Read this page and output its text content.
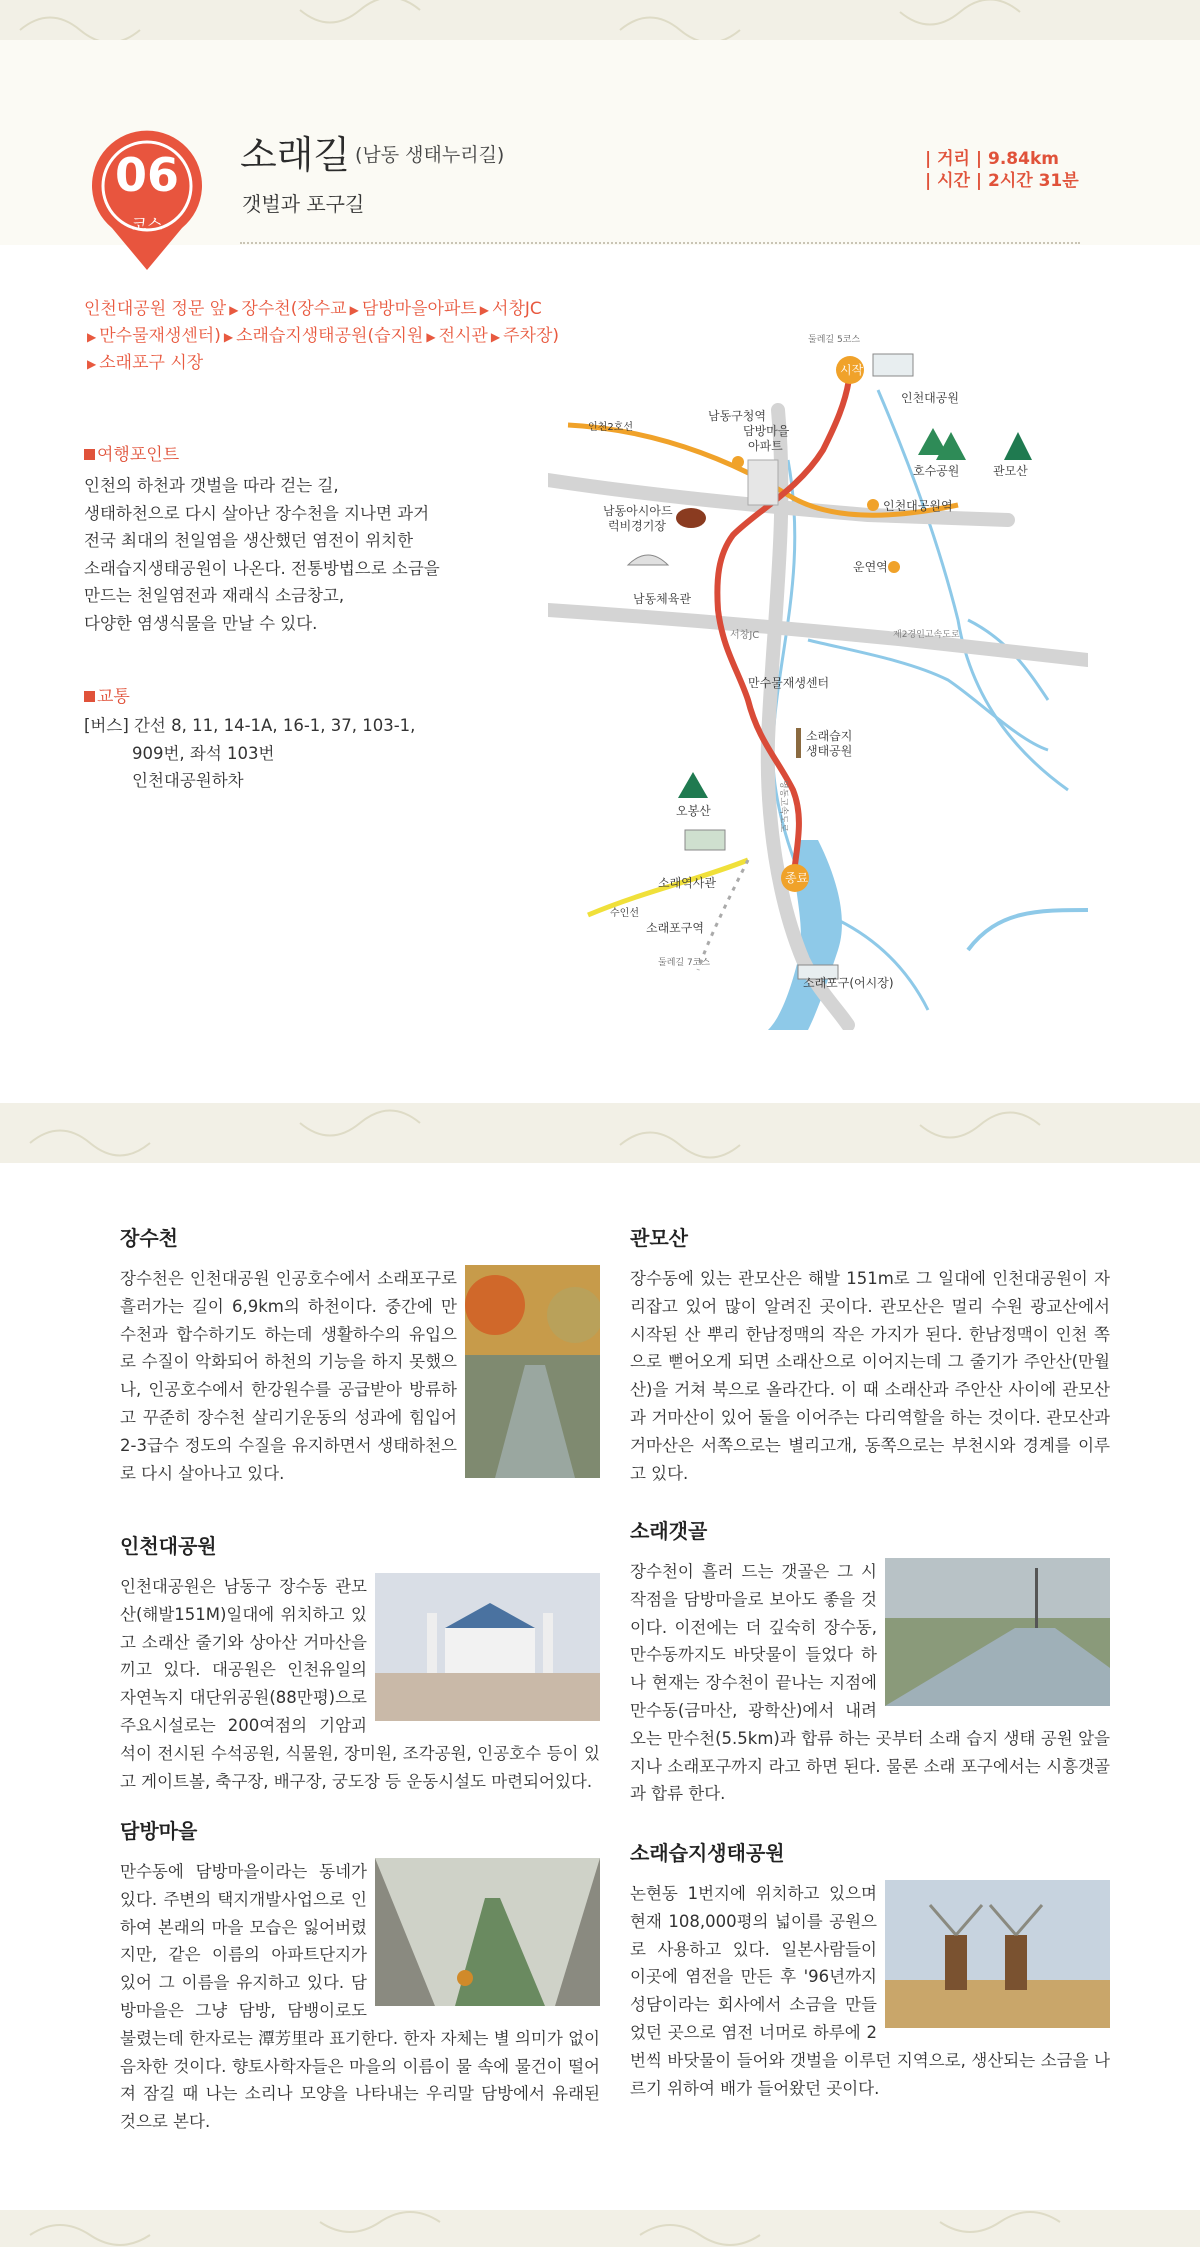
06
코스
소래길 (남동 생태누리길)
갯벌과 포구길
| 거리 | 9.84km
| 시간 | 2시간 31분
인천대공원 정문 앞 ▶ 장수천(장수교 ▶ 담방마을아파트 ▶ 서창JC
▶ 만수물재생센터) ▶ 소래습지생태공원(습지원 ▶ 전시관 ▶ 주차장)
▶ 소래포구 시장
여행포인트
인천의 하천과 갯벌을 따라 걷는 길,
생태하천으로 다시 살아난 장수천을 지나면 과거
전국 최대의 천일염을 생산했던 염전이 위치한
소래습지생태공원이 나온다. 전통방법으로 소금을
만드는 천일염전과 재래식 소금창고,
다양한 염생식물을 만날 수 있다.
교통
[버스] 간선 8, 11, 14-1A, 16-1, 37, 103-1,
909번, 좌석 103번
인천대공원하차
시작
종료
둘레길 5코스
둘레길 7코스
인천대공원
호수공원	관모산
인천대공원역
운연역
남동구청역
인천2호선	담방마을
아파트
남동아시아드
럭비경기장
남동체육관
서창JC	제2경인고속도로
만수물재생센터
소래습지
생태공원
오봉산
소래역사관
소래포구역
수인선
소래포구(어시장)
영동고속도로
장수천

장수천은 인천대공원 인공호수에서 소래포구로 흘러가는 길이 6,9km의 하천이다. 중간에 만수천과 합수하기도 하는데 생활하수의 유입으로 수질이 악화되어 하천의 기능을 하지 못했으나, 인공호수에서 한강원수를 공급받아 방류하고 꾸준히 장수천 살리기운동의 성과에 힘입어 2-3급수 정도의 수질을 유지하면서 생태하천으로 다시 살아나고 있다.

인천대공원

인천대공원은 남동구 장수동 관모산(해발151M)일대에 위치하고 있고 소래산 줄기와 상아산 거마산을 끼고 있다. 대공원은 인천유일의 자연녹지 대단위공원(88만평)으로 주요시설로는 200여점의 기암괴석이 전시된 수석공원, 식물원, 장미원, 조각공원, 인공호수 등이 있고 게이트볼, 축구장, 배구장, 궁도장 등 운동시설도 마련되어있다.

담방마을

만수동에 담방마을이라는 동네가 있다. 주변의 택지개발사업으로 인하여 본래의 마을 모습은 잃어버렸지만, 같은 이름의 아파트단지가 있어 그 이름을 유지하고 있다. 담방마을은 그냥 담방, 담뱅이로도 불렸는데 한자로는 潭芳里라 표기한다. 한자 자체는 별 의미가 없이 음차한 것이다. 향토사학자들은 마을의 이름이 물 속에 물건이 떨어져 잠길 때 나는 소리나 모양을 나타내는 우리말 담방에서 유래된 것으로 본다.

관모산

장수동에 있는 관모산은 해발 151m로 그 일대에 인천대공원이 자리잡고 있어 많이 알려진 곳이다. 관모산은 멀리 수원 광교산에서 시작된 산 뿌리 한남정맥의 작은 가지가 된다. 한남정맥이 인천 쪽으로 뻗어오게 되면 소래산으로 이어지는데 그 줄기가 주안산(만월산)을 거쳐 북으로 올라간다. 이 때 소래산과 주안산 사이에 관모산과 거마산이 있어 둘을 이어주는 다리역할을 하는 것이다. 관모산과 거마산은 서쪽으로는 별리고개, 동쪽으로는 부천시와 경계를 이루고 있다.

소래갯골

장수천이 흘러 드는 갯골은 그 시작점을 담방마을로 보아도 좋을 것이다. 이전에는 더 깊숙히 장수동, 만수동까지도 바닷물이 들었다 하나 현재는 장수천이 끝나는 지점에 만수동(금마산, 광학산)에서 내려오는 만수천(5.5km)과 합류 하는 곳부터 소래 습지 생태 공원 앞을 지나 소래포구까지 라고 하면 된다. 물론 소래 포구에서는 시흥갯골과 합류 한다.

소래습지생태공원

논현동 1번지에 위치하고 있으며 현재 108,000평의 넓이를 공원으로 사용하고 있다. 일본사람들이 이곳에 염전을 만든 후 '96년까지 성담이라는 회사에서 소금을 만들었던 곳으로 염전 너머로 하루에 2번씩 바닷물이 들어와 갯벌을 이루던 지역으로, 생산되는 소금을 나르기 위하여 배가 들어왔던 곳이다.
